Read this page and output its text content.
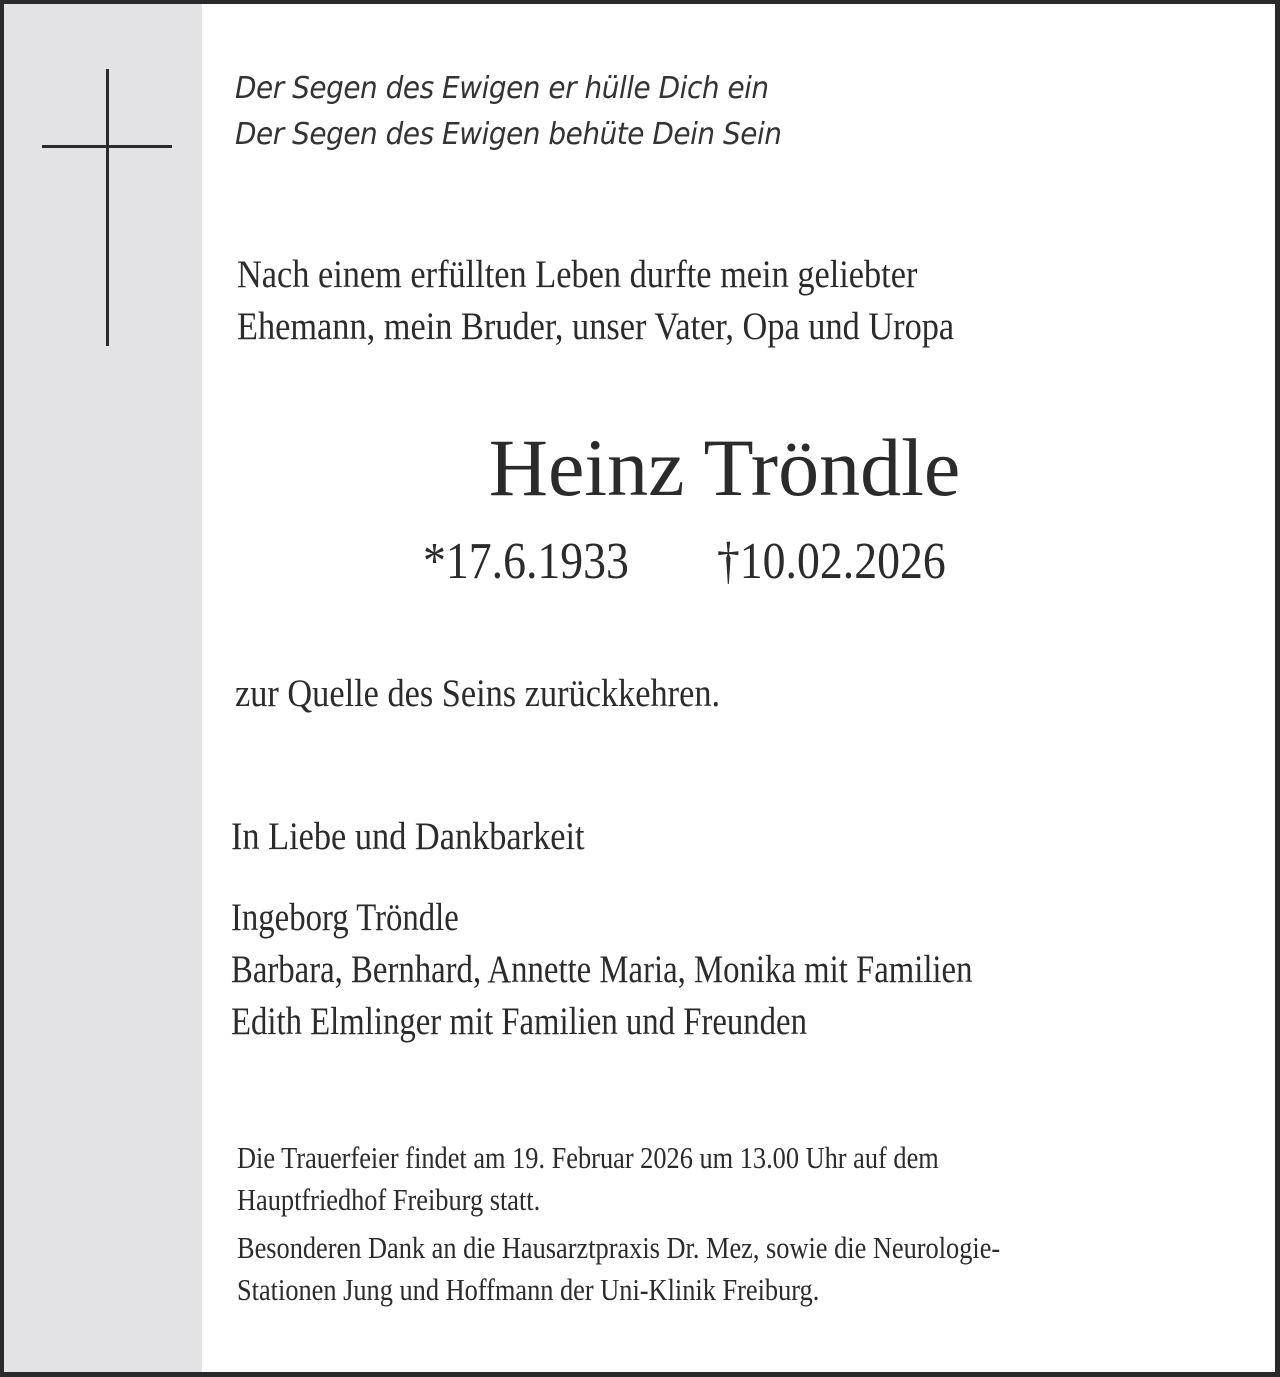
Der Segen des Ewigen er hülle Dich ein
Der Segen des Ewigen behüte Dein Sein
Nach einem erfüllten Leben durfte mein geliebter
Ehemann, mein Bruder, unser Vater, Opa und Uropa
Heinz Tröndle
*17.6.1933 †10.02.2026
zur Quelle des Seins zurückkehren.
In Liebe und Dankbarkeit
Ingeborg Tröndle
Barbara, Bernhard, Annette Maria, Monika mit Familien
Edith Elmlinger mit Familien und Freunden
Die Trauerfeier findet am 19. Februar 2026 um 13.00 Uhr auf dem
Hauptfriedhof Freiburg statt.
Besonderen Dank an die Hausarztpraxis Dr. Mez, sowie die Neurologie-
Stationen Jung und Hoffmann der Uni-Klinik Freiburg.
